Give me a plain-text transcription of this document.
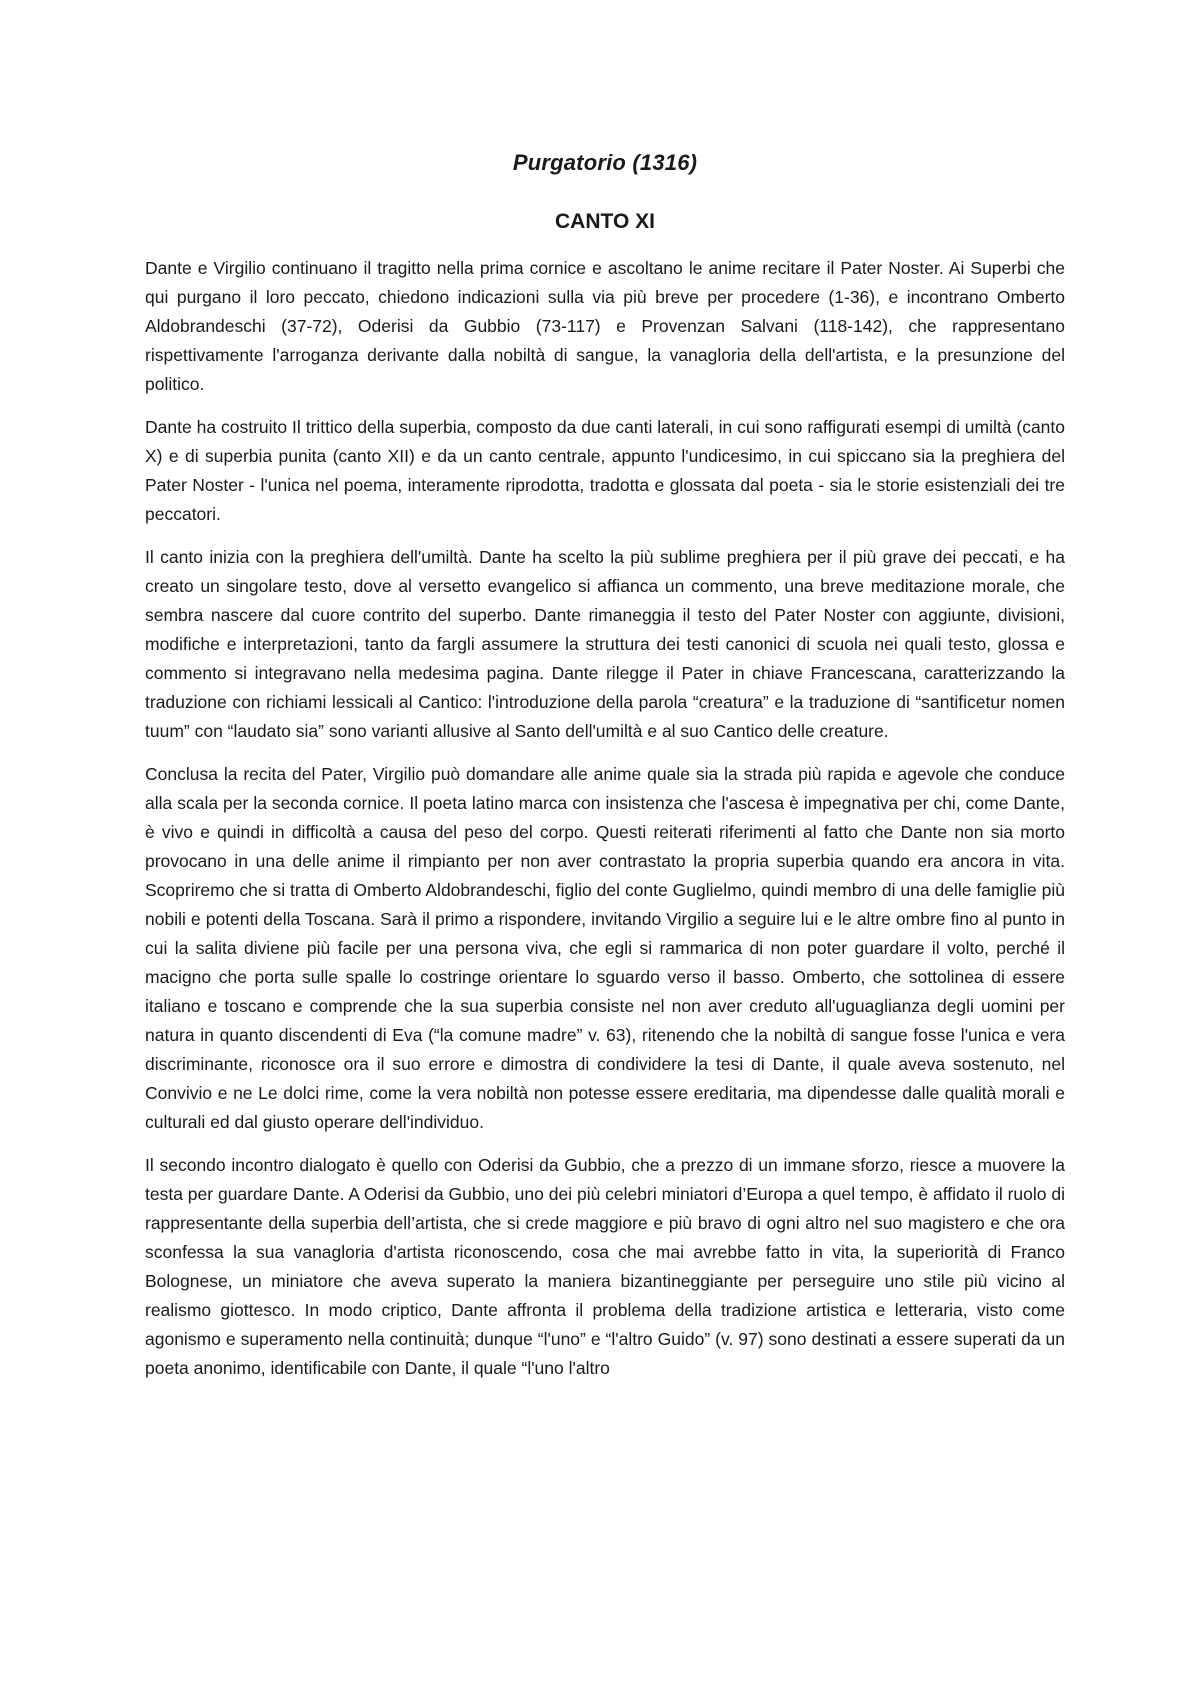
Purgatorio (1316)
CANTO XI

Dante e Virgilio continuano il tragitto nella prima cornice e ascoltano le anime recitare il Pater Noster. Ai Superbi che qui purgano il loro peccato, chiedono indicazioni sulla via più breve per procedere (1-36), e incontrano Omberto Aldobrandeschi (37-72), Oderisi da Gubbio (73-117) e Provenzan Salvani (118-142), che rappresentano rispettivamente l'arroganza derivante dalla nobiltà di sangue, la vanagloria della dell'artista, e la presunzione del politico.

Dante ha costruito Il trittico della superbia, composto da due canti laterali, in cui sono raffigurati esempi di umiltà (canto X) e di superbia punita (canto XII) e da un canto centrale, appunto l'undicesimo, in cui spiccano sia la preghiera del Pater Noster - l'unica nel poema, interamente riprodotta, tradotta e glossata dal poeta - sia le storie esistenziali dei tre peccatori.

Il canto inizia con la preghiera dell'umiltà. Dante ha scelto la più sublime preghiera per il più grave dei peccati, e ha creato un singolare testo, dove al versetto evangelico si affianca un commento, una breve meditazione morale, che sembra nascere dal cuore contrito del superbo. Dante rimaneggia il testo del Pater Noster con aggiunte, divisioni, modifiche e interpretazioni, tanto da fargli assumere la struttura dei testi canonici di scuola nei quali testo, glossa e commento si integravano nella medesima pagina. Dante rilegge il Pater in chiave Francescana, caratterizzando la traduzione con richiami lessicali al Cantico: l'introduzione della parola “creatura” e la traduzione di “santificetur nomen tuum” con “laudato sia” sono varianti allusive al Santo dell'umiltà e al suo Cantico delle creature.

Conclusa la recita del Pater, Virgilio può domandare alle anime quale sia la strada più rapida e agevole che conduce alla scala per la seconda cornice. Il poeta latino marca con insistenza che l'ascesa è impegnativa per chi, come Dante, è vivo e quindi in difficoltà a causa del peso del corpo. Questi reiterati riferimenti al fatto che Dante non sia morto provocano in una delle anime il rimpianto per non aver contrastato la propria superbia quando era ancora in vita. Scopriremo che si tratta di Omberto Aldobrandeschi, figlio del conte Guglielmo, quindi membro di una delle famiglie più nobili e potenti della Toscana. Sarà il primo a rispondere, invitando Virgilio a seguire lui e le altre ombre fino al punto in cui la salita diviene più facile per una persona viva, che egli si rammarica di non poter guardare il volto, perché il macigno che porta sulle spalle lo costringe orientare lo sguardo verso il basso. Omberto, che sottolinea di essere italiano e toscano e comprende che la sua superbia consiste nel non aver creduto all'uguaglianza degli uomini per natura in quanto discendenti di Eva (“la comune madre” v. 63), ritenendo che la nobiltà di sangue fosse l'unica e vera discriminante, riconosce ora il suo errore e dimostra di condividere la tesi di Dante, il quale aveva sostenuto, nel Convivio e ne Le dolci rime, come la vera nobiltà non potesse essere ereditaria, ma dipendesse dalle qualità morali e culturali ed dal giusto operare dell'individuo.

Il secondo incontro dialogato è quello con Oderisi da Gubbio, che a prezzo di un immane sforzo, riesce a muovere la testa per guardare Dante. A Oderisi da Gubbio, uno dei più celebri miniatori d’Europa a quel tempo, è affidato il ruolo di rappresentante della superbia dell’artista, che si crede maggiore e più bravo di ogni altro nel suo magistero e che ora sconfessa la sua vanagloria d'artista riconoscendo, cosa che mai avrebbe fatto in vita, la superiorità di Franco Bolognese, un miniatore che aveva superato la maniera bizantineggiante per perseguire uno stile più vicino al realismo giottesco. In modo criptico, Dante affronta il problema della tradizione artistica e letteraria, visto come agonismo e superamento nella continuità; dunque “l'uno” e “l'altro Guido” (v. 97) sono destinati a essere superati da un poeta anonimo, identificabile con Dante, il quale “l'uno l'altro
